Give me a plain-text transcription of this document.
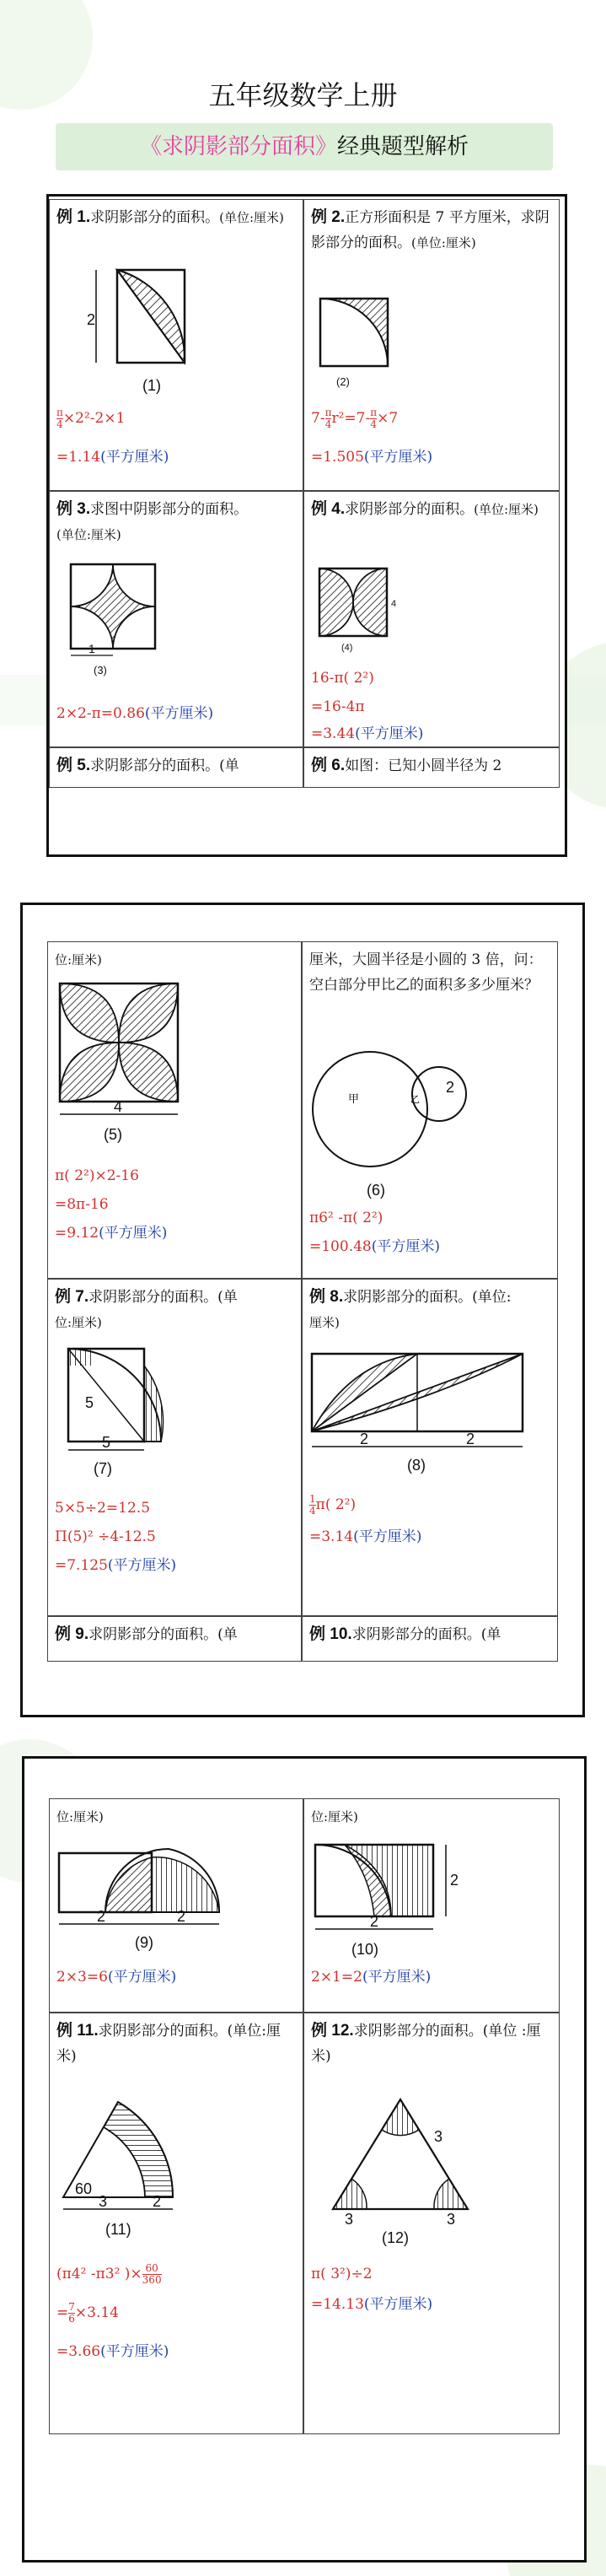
五年级数学上册
《求阴影部分面积》经典题型解析
例 1.求阴影部分的面积。(单位:厘米)
2
(1)
$\frac{\pi}{4}\times 2^2-2\times 1$
=1.14(平方厘米)
例 2.正方形面积是 7 平方厘米，求阴影部分的面积。(单位:厘米)
(2)
$7-\frac{\pi}{4}r^2=7-\frac{\pi}{4}\times 7$
=1.505(平方厘米)
例 3.求图中阴影部分的面积。
(单位:厘米)
1
(3)
2×2-π=0.86(平方厘米)
例 4.求阴影部分的面积。(单位:厘米)
4
(4)
16-π( 2²)
=16-4π
=3.44(平方厘米)
例 5.求阴影部分的面积。(单	例 6.如图：已知小圆半径为 2
位:厘米)
4
(5)
π( 2²)×2-16
=8π-16
=9.12(平方厘米)
厘米，大圆半径是小圆的 3 倍，问：空白部分甲比乙的面积多多少厘米？
甲	乙
2
(6)
π6² -π( 2²)
=100.48(平方厘米)
例 7.求阴影部分的面积。(单
位:厘米)
5
5
(7)
5×5÷2=12.5
Π(5)² ÷4-12.5
=7.125(平方厘米)
例 8.求阴影部分的面积。(单位:
厘米)
2	2
(8)
$\frac{1}{4}\pi$( 2²)
=3.14(平方厘米)
例 9.求阴影部分的面积。(单	例 10.求阴影部分的面积。(单
位:厘米)
2	2
(9)
2×3=6(平方厘米)
位:厘米)
2
2
(10)
2×1=2(平方厘米)
例 11.求阴影部分的面积。(单位:厘米)
60
3	2
(11)
(π4² -π3² )$\times\frac{60}{360}$
$=\frac{7}{6}\times 3.14$
=3.66(平方厘米)
例 12.求阴影部分的面积。(单位 :厘米)
3
3	3
(12)
π( 3²)÷2
=14.13(平方厘米)
